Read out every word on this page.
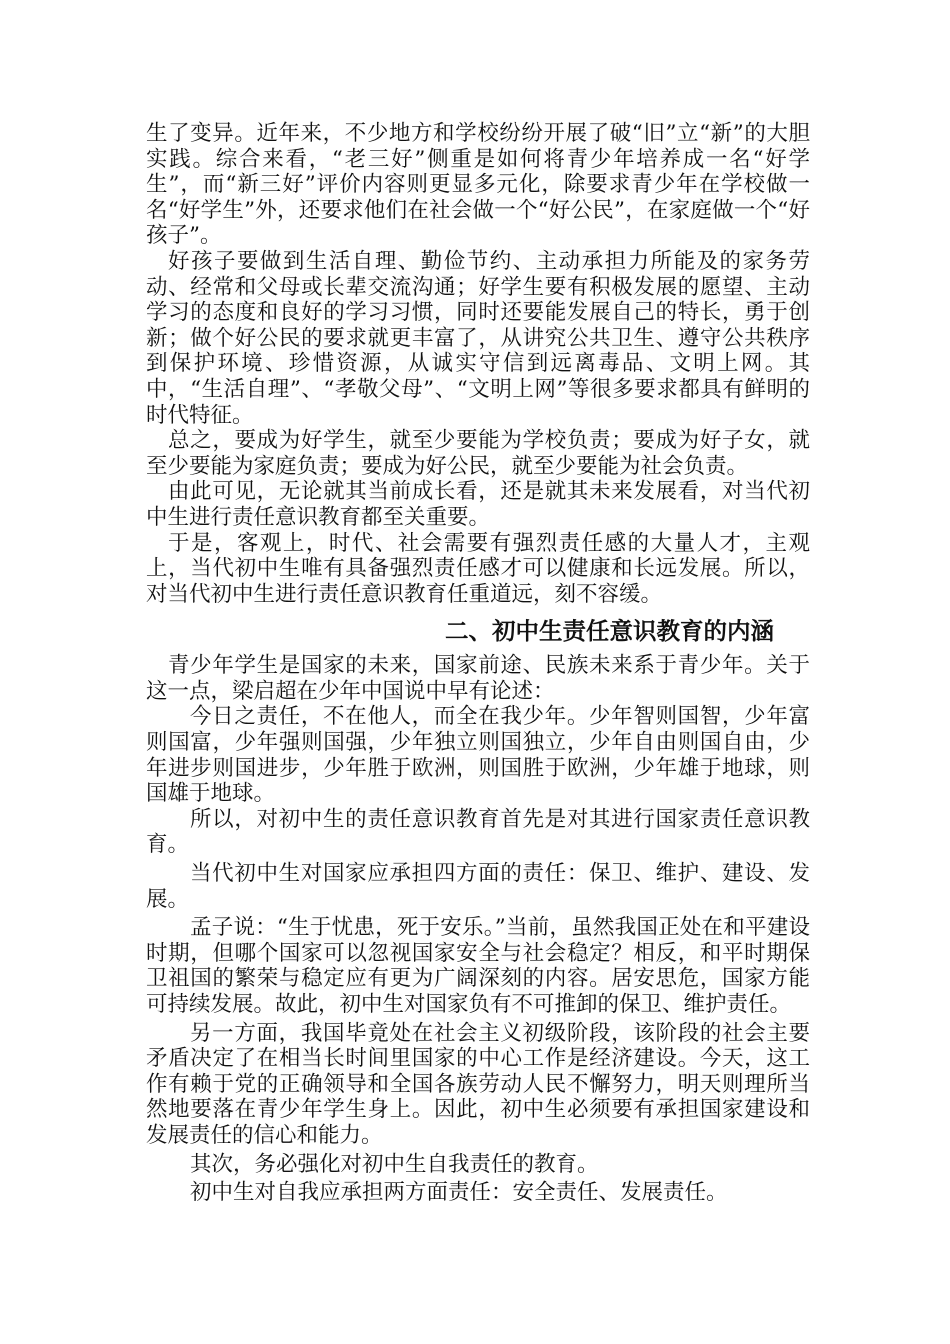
生了变异。近年来，不少地方和学校纷纷开展了破“旧”立“新”的大胆实践。综合来看，“老三好”侧重是如何将青少年培养成一名“好学生”，而“新三好”评价内容则更显多元化，除要求青少年在学校做一名“好学生”外，还要求他们在社会做一个“好公民”，在家庭做一个“好孩子”。

好孩子要做到生活自理、勤俭节约、主动承担力所能及的家务劳动、经常和父母或长辈交流沟通；好学生要有积极发展的愿望、主动学习的态度和良好的学习习惯，同时还要能发展自己的特长，勇于创新；做个好公民的要求就更丰富了，从讲究公共卫生、遵守公共秩序到保护环境、珍惜资源，从诚实守信到远离毒品、文明上网。其中，“生活自理”、“孝敬父母”、“文明上网”等很多要求都具有鲜明的时代特征。

总之，要成为好学生，就至少要能为学校负责；要成为好子女，就至少要能为家庭负责；要成为好公民，就至少要能为社会负责。

由此可见，无论就其当前成长看，还是就其未来发展看，对当代初中生进行责任意识教育都至关重要。

于是，客观上，时代、社会需要有强烈责任感的大量人才，主观上，当代初中生唯有具备强烈责任感才可以健康和长远发展。所以，对当代初中生进行责任意识教育任重道远，刻不容缓。

二、初中生责任意识教育的内涵

青少年学生是国家的未来，国家前途、民族未来系于青少年。关于这一点，梁启超在少年中国说中早有论述：

今日之责任，不在他人，而全在我少年。少年智则国智，少年富则国富，少年强则国强，少年独立则国独立，少年自由则国自由，少年进步则国进步，少年胜于欧洲，则国胜于欧洲，少年雄于地球，则国雄于地球。

所以，对初中生的责任意识教育首先是对其进行国家责任意识教育。

当代初中生对国家应承担四方面的责任：保卫、维护、建设、发展。

孟子说：“生于忧患，死于安乐。”当前，虽然我国正处在和平建设时期，但哪个国家可以忽视国家安全与社会稳定？相反，和平时期保卫祖国的繁荣与稳定应有更为广阔深刻的内容。居安思危，国家方能可持续发展。故此，初中生对国家负有不可推卸的保卫、维护责任。

另一方面，我国毕竟处在社会主义初级阶段，该阶段的社会主要矛盾决定了在相当长时间里国家的中心工作是经济建设。今天，这工作有赖于党的正确领导和全国各族劳动人民不懈努力，明天则理所当然地要落在青少年学生身上。因此，初中生必须要有承担国家建设和发展责任的信心和能力。

其次，务必强化对初中生自我责任的教育。

初中生对自我应承担两方面责任：安全责任、发展责任。
